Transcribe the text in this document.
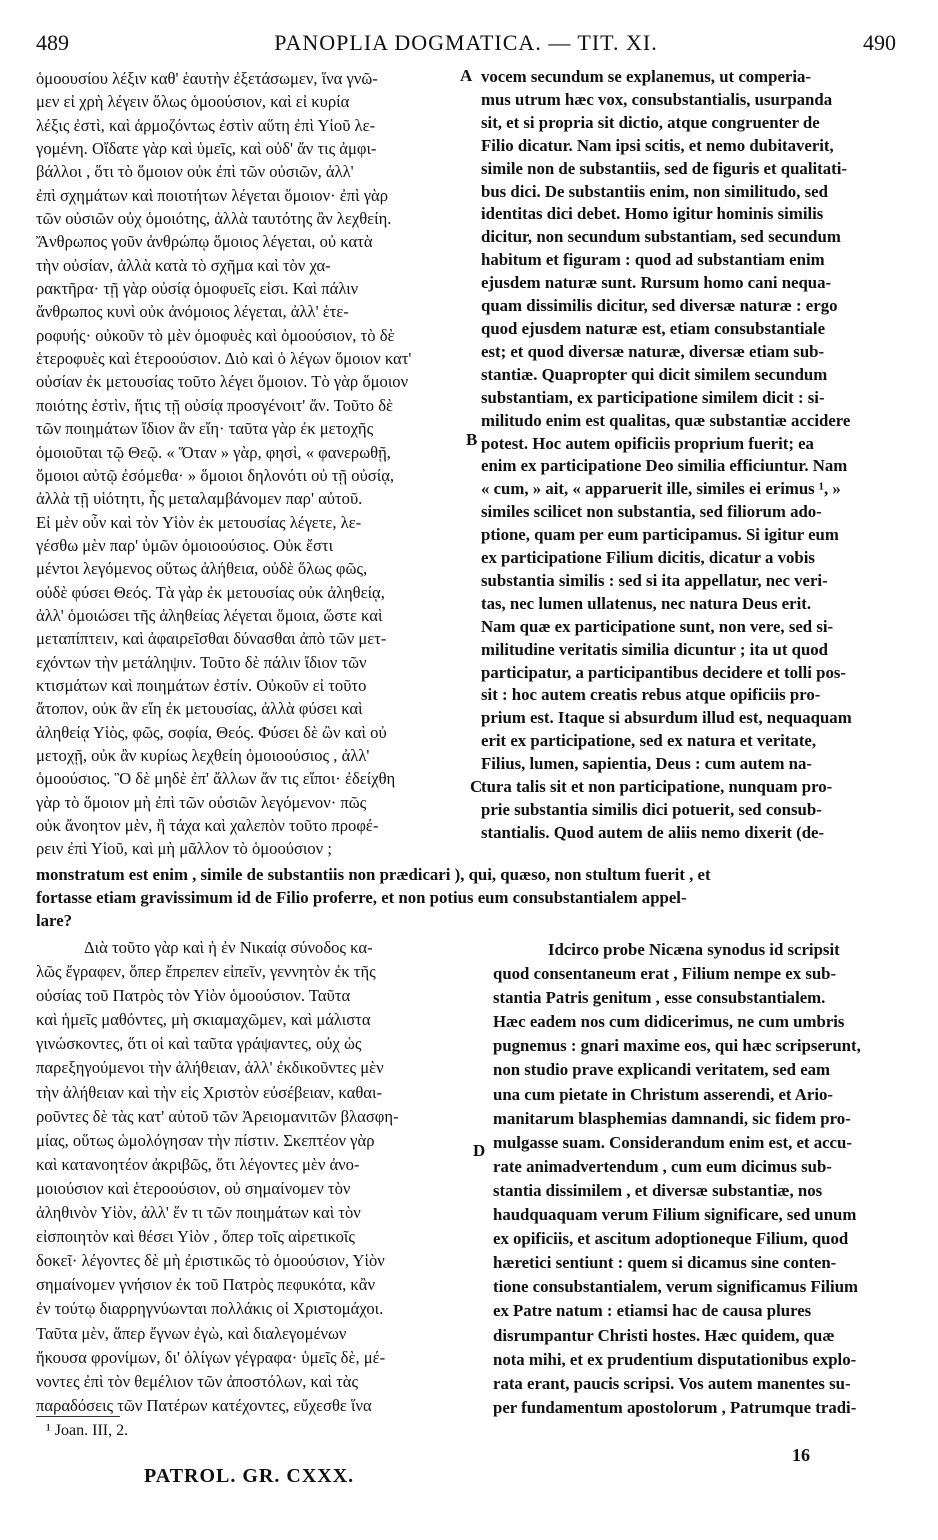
489	PANOPLIA DOGMATICA. — TIT. XI.	490

ὁμοουσίου λέξιν καθ' ἑαυτὴν ἐξετάσωμεν, ἵνα γνῶ-

μεν εἰ χρὴ λέγειν ὅλως ὁμοούσιον, καὶ εἰ κυρία

λέξις ἐστὶ, καὶ ἁρμοζόντως ἐστὶν αὕτη ἐπὶ Υἱοῦ λε-

γομένη. Οἴδατε γὰρ καὶ ὑμεῖς, καὶ οὐδ' ἄν τις ἀμφι-

βάλλοι , ὅτι τὸ ὅμοιον οὐκ ἐπὶ τῶν οὐσιῶν, ἀλλ'

ἐπὶ σχημάτων καὶ ποιοτήτων λέγεται ὅμοιον· ἐπὶ γὰρ

τῶν οὐσιῶν οὐχ ὁμοιότης, ἀλλὰ ταυτότης ἂν λεχθείη.

Ἄνθρωπος γοῦν ἀνθρώπῳ ὅμοιος λέγεται, οὐ κατὰ

τὴν οὐσίαν, ἀλλὰ κατὰ τὸ σχῆμα καὶ τὸν χα-

ρακτῆρα· τῇ γὰρ οὐσίᾳ ὁμοφυεῖς εἰσι. Καὶ πάλιν

ἄνθρωπος κυνὶ οὐκ ἀνόμοιος λέγεται, ἀλλ' ἑτε-

ροφυής· οὐκοῦν τὸ μὲν ὁμοφυὲς καὶ ὁμοούσιον, τὸ δὲ

ἑτεροφυὲς καὶ ἑτεροούσιον. Διὸ καὶ ὁ λέγων ὅμοιον κατ'

οὐσίαν ἐκ μετουσίας τοῦτο λέγει ὅμοιον. Τὸ γὰρ ὅμοιον

ποιότης ἐστὶν, ἥτις τῇ οὐσίᾳ προσγένοιτ' ἄν. Τοῦτο δὲ

τῶν ποιημάτων ἴδιον ἂν εἴη· ταῦτα γὰρ ἐκ μετοχῆς

ὁμοιοῦται τῷ Θεῷ. « Ὅταν » γὰρ, φησὶ, « φανερωθῇ,

ὅμοιοι αὐτῷ ἐσόμεθα· » ὅμοιοι δηλονότι οὐ τῇ οὐσίᾳ,

ἀλλὰ τῇ υἱότητι, ἧς μεταλαμβάνομεν παρ' αὐτοῦ.

Εἰ μὲν οὖν καὶ τὸν Υἱὸν ἐκ μετουσίας λέγετε, λε-

γέσθω μὲν παρ' ὑμῶν ὁμοιοούσιος. Οὐκ ἔστι

μέντοι λεγόμενος οὕτως ἀλήθεια, οὐδὲ ὅλως φῶς,

οὐδὲ φύσει Θεός. Τὰ γὰρ ἐκ μετουσίας οὐκ ἀληθείᾳ,

ἀλλ' ὁμοιώσει τῆς ἀληθείας λέγεται ὅμοια, ὥστε καὶ

μεταπίπτειν, καὶ ἀφαιρεῖσθαι δύνασθαι ἀπὸ τῶν μετ-

εχόντων τὴν μετάληψιν. Τοῦτο δὲ πάλιν ἴδιον τῶν

κτισμάτων καὶ ποιημάτων ἐστίν. Οὐκοῦν εἰ τοῦτο

ἄτοπον, οὐκ ἂν εἴη ἐκ μετουσίας, ἀλλὰ φύσει καὶ

ἀληθείᾳ Υἱὸς, φῶς, σοφία, Θεός. Φύσει δὲ ὢν καὶ οὐ

μετοχῇ, οὐκ ἂν κυρίως λεχθείη ὁμοιοούσιος , ἀλλ'

ὁμοούσιος. Ὃ δὲ μηδὲ ἐπ' ἄλλων ἄν τις εἴποι· ἐδείχθη

γὰρ τὸ ὅμοιον μὴ ἐπὶ τῶν οὐσιῶν λεγόμενον· πῶς

οὐκ ἄνοητον μὲν, ἢ τάχα καὶ χαλεπὸν τοῦτο προφέ-

ρειν ἐπὶ Υἱοῦ, καὶ μὴ μᾶλλον τὸ ὁμοούσιον ;

vocem secundum se explanemus, ut comperia-

mus utrum hæc vox, consubstantialis, usurpanda

sit, et si propria sit dictio, atque congruenter de

Filio dicatur. Nam ipsi scitis, et nemo dubitaverit,

simile non de substantiis, sed de figuris et qualitati-

bus dici. De substantiis enim, non similitudo, sed

identitas dici debet. Homo igitur hominis similis

dicitur, non secundum substantiam, sed secundum

habitum et figuram : quod ad substantiam enim

ejusdem naturæ sunt. Rursum homo cani nequa-

quam dissimilis dicitur, sed diversæ naturæ : ergo

quod ejusdem naturæ est, etiam consubstantiale

est; et quod diversæ naturæ, diversæ etiam sub-

stantiæ. Quapropter qui dicit similem secundum

substantiam, ex participatione similem dicit : si-

militudo enim est qualitas, quæ substantiæ accidere

potest. Hoc autem opificiis proprium fuerit; ea

enim ex participatione Deo similia efficiuntur. Nam

« cum, » ait, « apparuerit ille, similes ei erimus ¹, »

similes scilicet non substantia, sed filiorum ado-

ptione, quam per eum participamus. Si igitur eum

ex participatione Filium dicitis, dicatur a vobis

substantia similis : sed si ita appellatur, nec veri-

tas, nec lumen ullatenus, nec natura Deus erit.

Nam quæ ex participatione sunt, non vere, sed si-

militudine veritatis similia dicuntur ; ita ut quod

participatur, a participantibus decidere et tolli pos-

sit : hoc autem creatis rebus atque opificiis pro-

prium est. Itaque si absurdum illud est, nequaquam

erit ex participatione, sed ex natura et veritate,

Filius, lumen, sapientia, Deus : cum autem na-

tura talis sit et non participatione, nunquam pro-

prie substantia similis dici potuerit, sed consub-

stantialis. Quod autem de aliis nemo dixerit (de-

monstratum est enim , simile de substantiis non prædicari ), qui, quæso, non stultum fuerit , et

fortasse etiam gravissimum id de Filio proferre, et non potius eum consubstantialem appel-

lare?

Διὰ τοῦτο γὰρ καὶ ἡ ἐν Νικαίᾳ σύνοδος κα-

λῶς ἔγραφεν, ὅπερ ἔπρεπεν εἰπεῖν, γεννητὸν ἐκ τῆς

οὐσίας τοῦ Πατρὸς τὸν Υἱὸν ὁμοούσιον. Ταῦτα

καὶ ἡμεῖς μαθόντες, μὴ σκιαμαχῶμεν, καὶ μάλιστα

γινώσκοντες, ὅτι οἱ καὶ ταῦτα γράψαντες, οὐχ ὡς

παρεξηγούμενοι τὴν ἀλήθειαν, ἀλλ' ἐκδικοῦντες μὲν

τὴν ἀλήθειαν καὶ τὴν εἰς Χριστὸν εὐσέβειαν, καθαι-

ροῦντες δὲ τὰς κατ' αὐτοῦ τῶν Ἀρειομανιτῶν βλασφη-

μίας, οὕτως ὡμολόγησαν τὴν πίστιν. Σκεπτέον γὰρ

καὶ κατανοητέον ἀκριβῶς, ὅτι λέγοντες μὲν ἀνο-

μοιούσιον καὶ ἑτεροούσιον, οὐ σημαίνομεν τὸν

ἀληθινὸν Υἱὸν, ἀλλ' ἕν τι τῶν ποιημάτων καὶ τὸν

εἰσποιητὸν καὶ θέσει Υἱὸν , ὅπερ τοῖς αἱρετικοῖς

δοκεῖ· λέγοντες δὲ μὴ ἐριστικῶς τὸ ὁμοούσιον, Υἱὸν

σημαίνομεν γνήσιον ἐκ τοῦ Πατρὸς πεφυκότα, κἂν

ἐν τούτῳ διαρρηγνύωνται πολλάκις οἱ Χριστομάχοι.

Ταῦτα μὲν, ἅπερ ἔγνων ἐγὼ, καὶ διαλεγομένων

ἤκουσα φρονίμων, δι' ὀλίγων γέγραφα· ὑμεῖς δὲ, μέ-

νοντες ἐπὶ τὸν θεμέλιον τῶν ἀποστόλων, καὶ τὰς

παραδόσεις τῶν Πατέρων κατέχοντες, εὔχεσθε ἵνα

Idcirco probe Nicæna synodus id scripsit

quod consentaneum erat , Filium nempe ex sub-

stantia Patris genitum , esse consubstantialem.

Hæc eadem nos cum didicerimus, ne cum umbris

pugnemus : gnari maxime eos, qui hæc scripserunt,

non studio prave explicandi veritatem, sed eam

una cum pietate in Christum asserendi, et Ario-

manitarum blasphemias damnandi, sic fidem pro-

mulgasse suam. Considerandum enim est, et accu-

rate animadvertendum , cum eum dicimus sub-

stantia dissimilem , et diversæ substantiæ, nos

haudquaquam verum Filium significare, sed unum

ex opificiis, et ascitum adoptioneque Filium, quod

hæretici sentiunt : quem si dicamus sine conten-

tione consubstantialem, verum significamus Filium

ex Patre natum : etiamsi hac de causa plures

disrumpantur Christi hostes. Hæc quidem, quæ

nota mihi, et ex prudentium disputationibus explo-

rata erant, paucis scripsi. Vos autem manentes su-

per fundamentum apostolorum , Patrumque tradi-

A
B
C
D
¹ Joan. III, 2.
PATROL. GR. CXXX.
16
